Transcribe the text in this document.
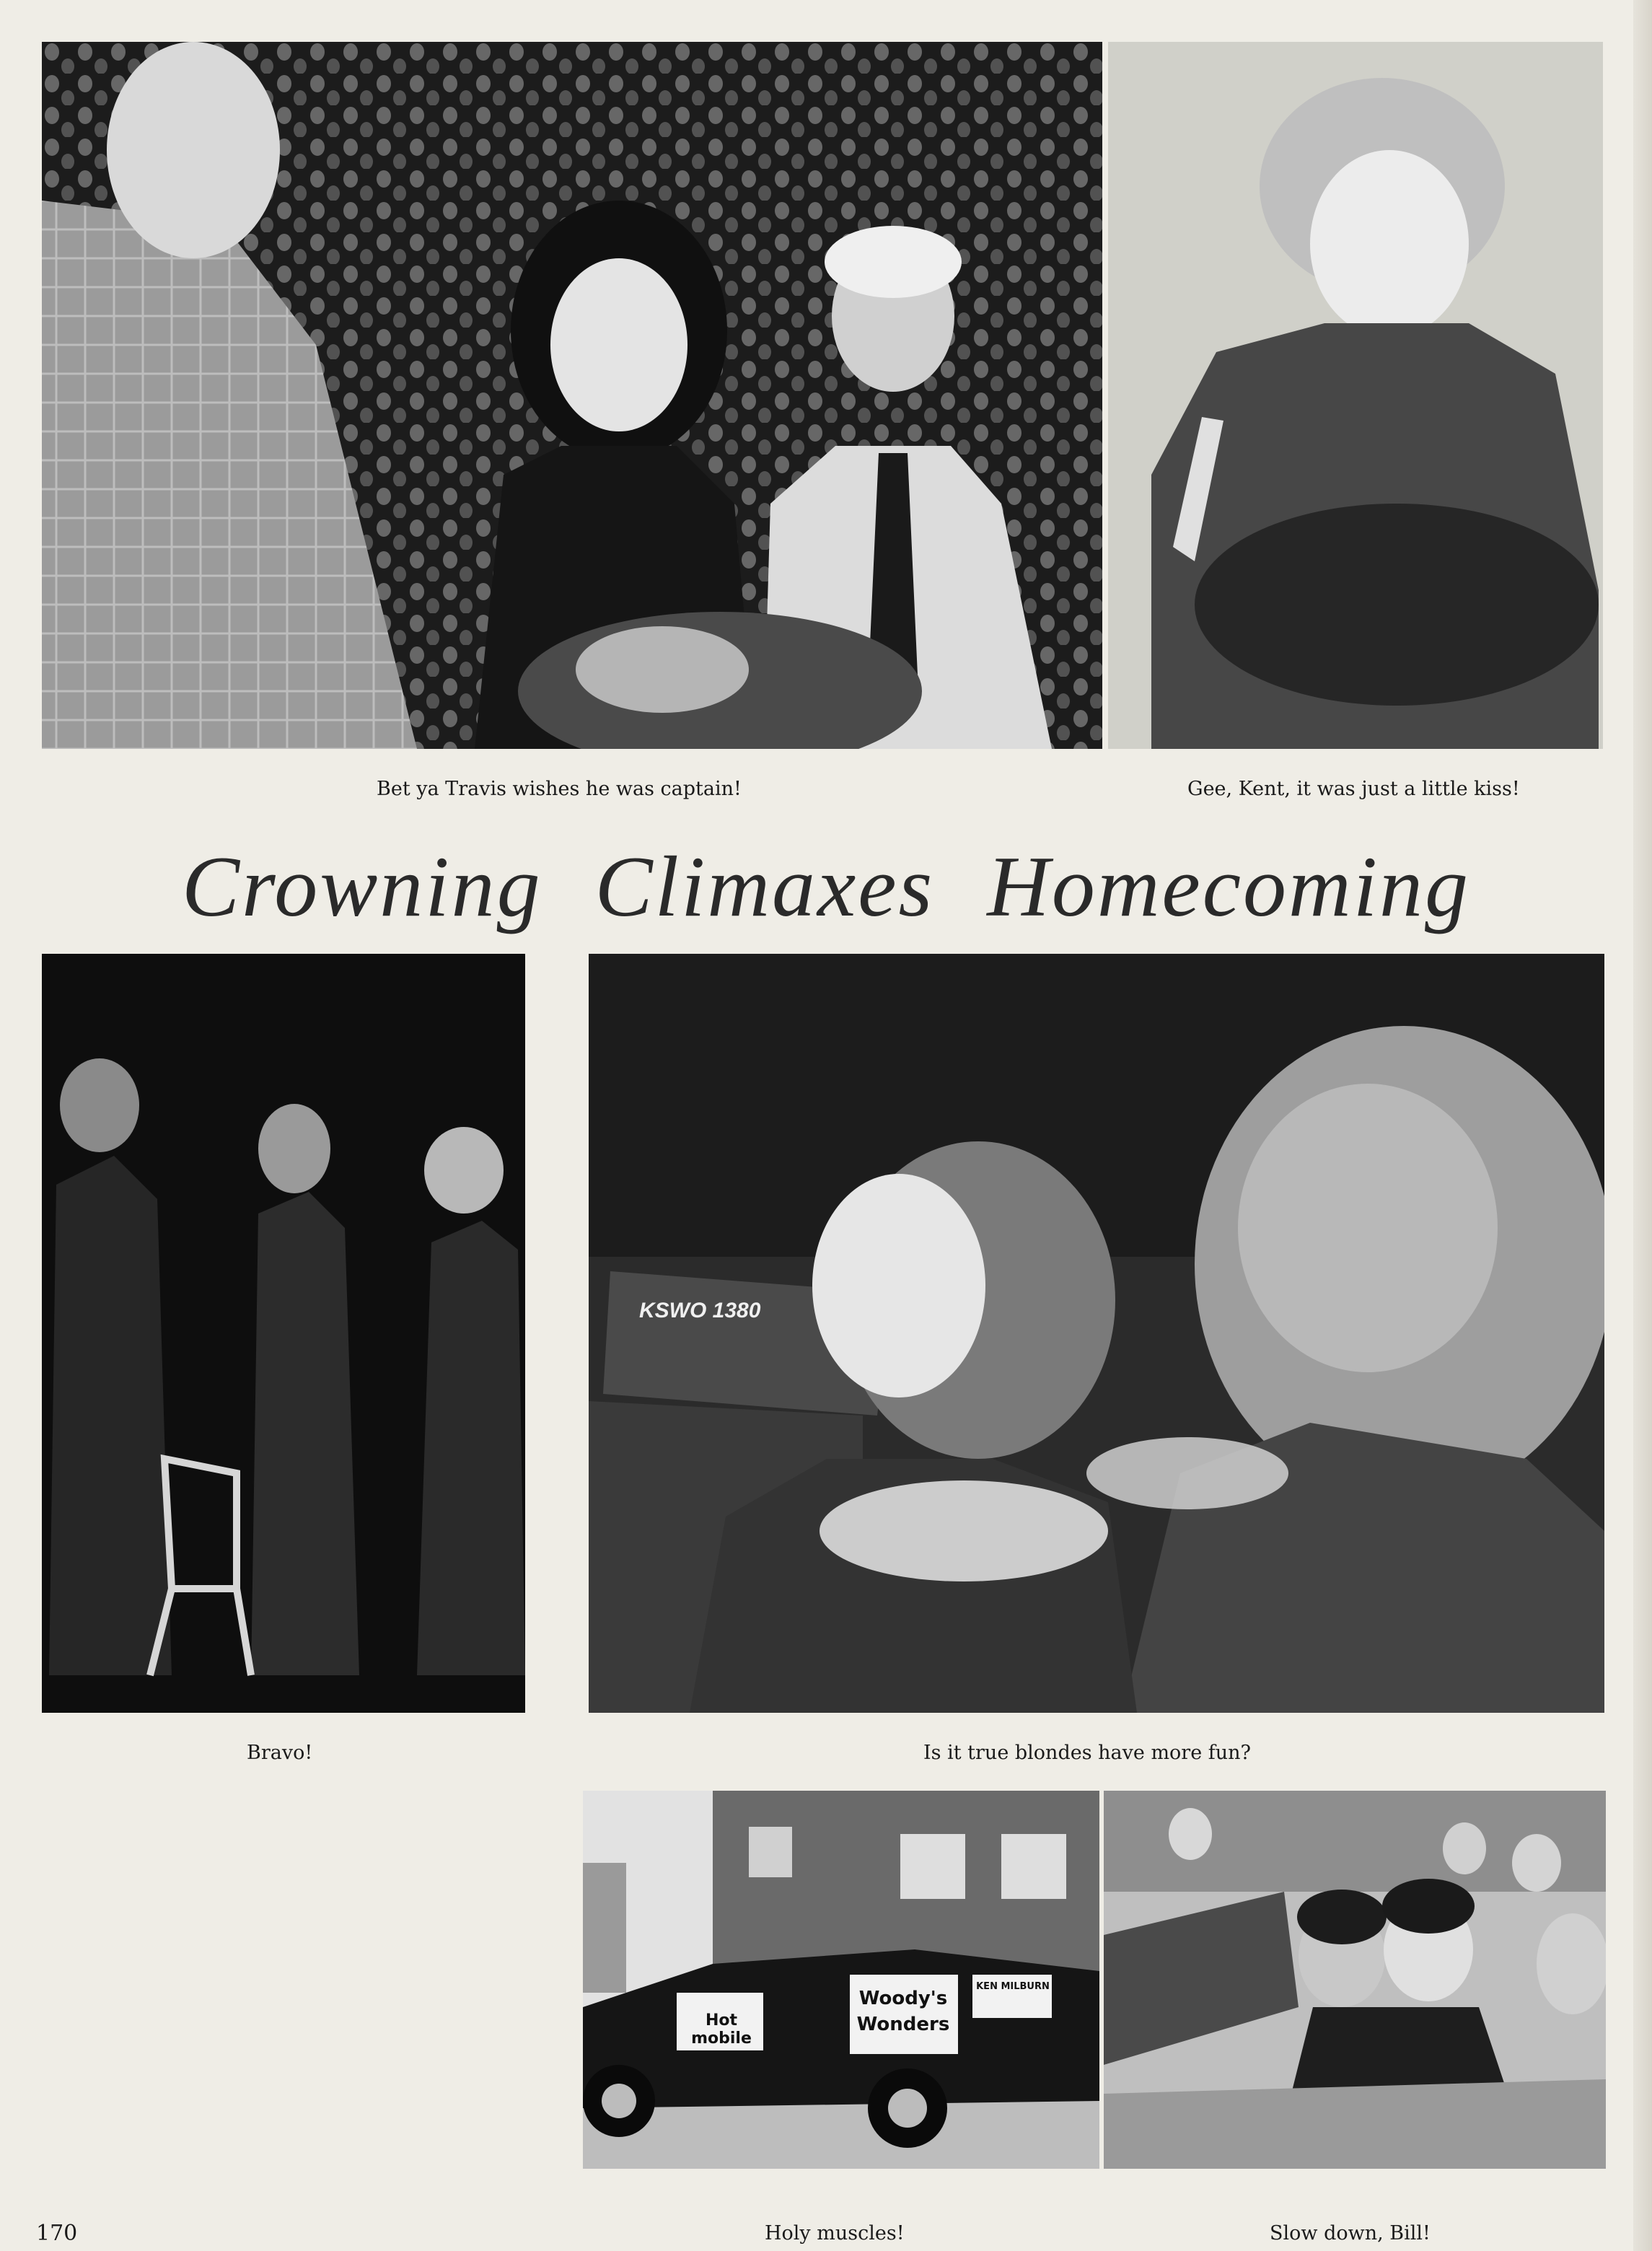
Bet ya Travis wishes he was captain!	Gee, Kent, it was just a little kiss!
Crowning Climaxes Homecoming
KSWO 1380
Bravo!	Is it true blondes have more fun?
Hot mobile
Woody's Wonders
KEN MILBURN
170	Holy muscles!	Slow down, Bill!
